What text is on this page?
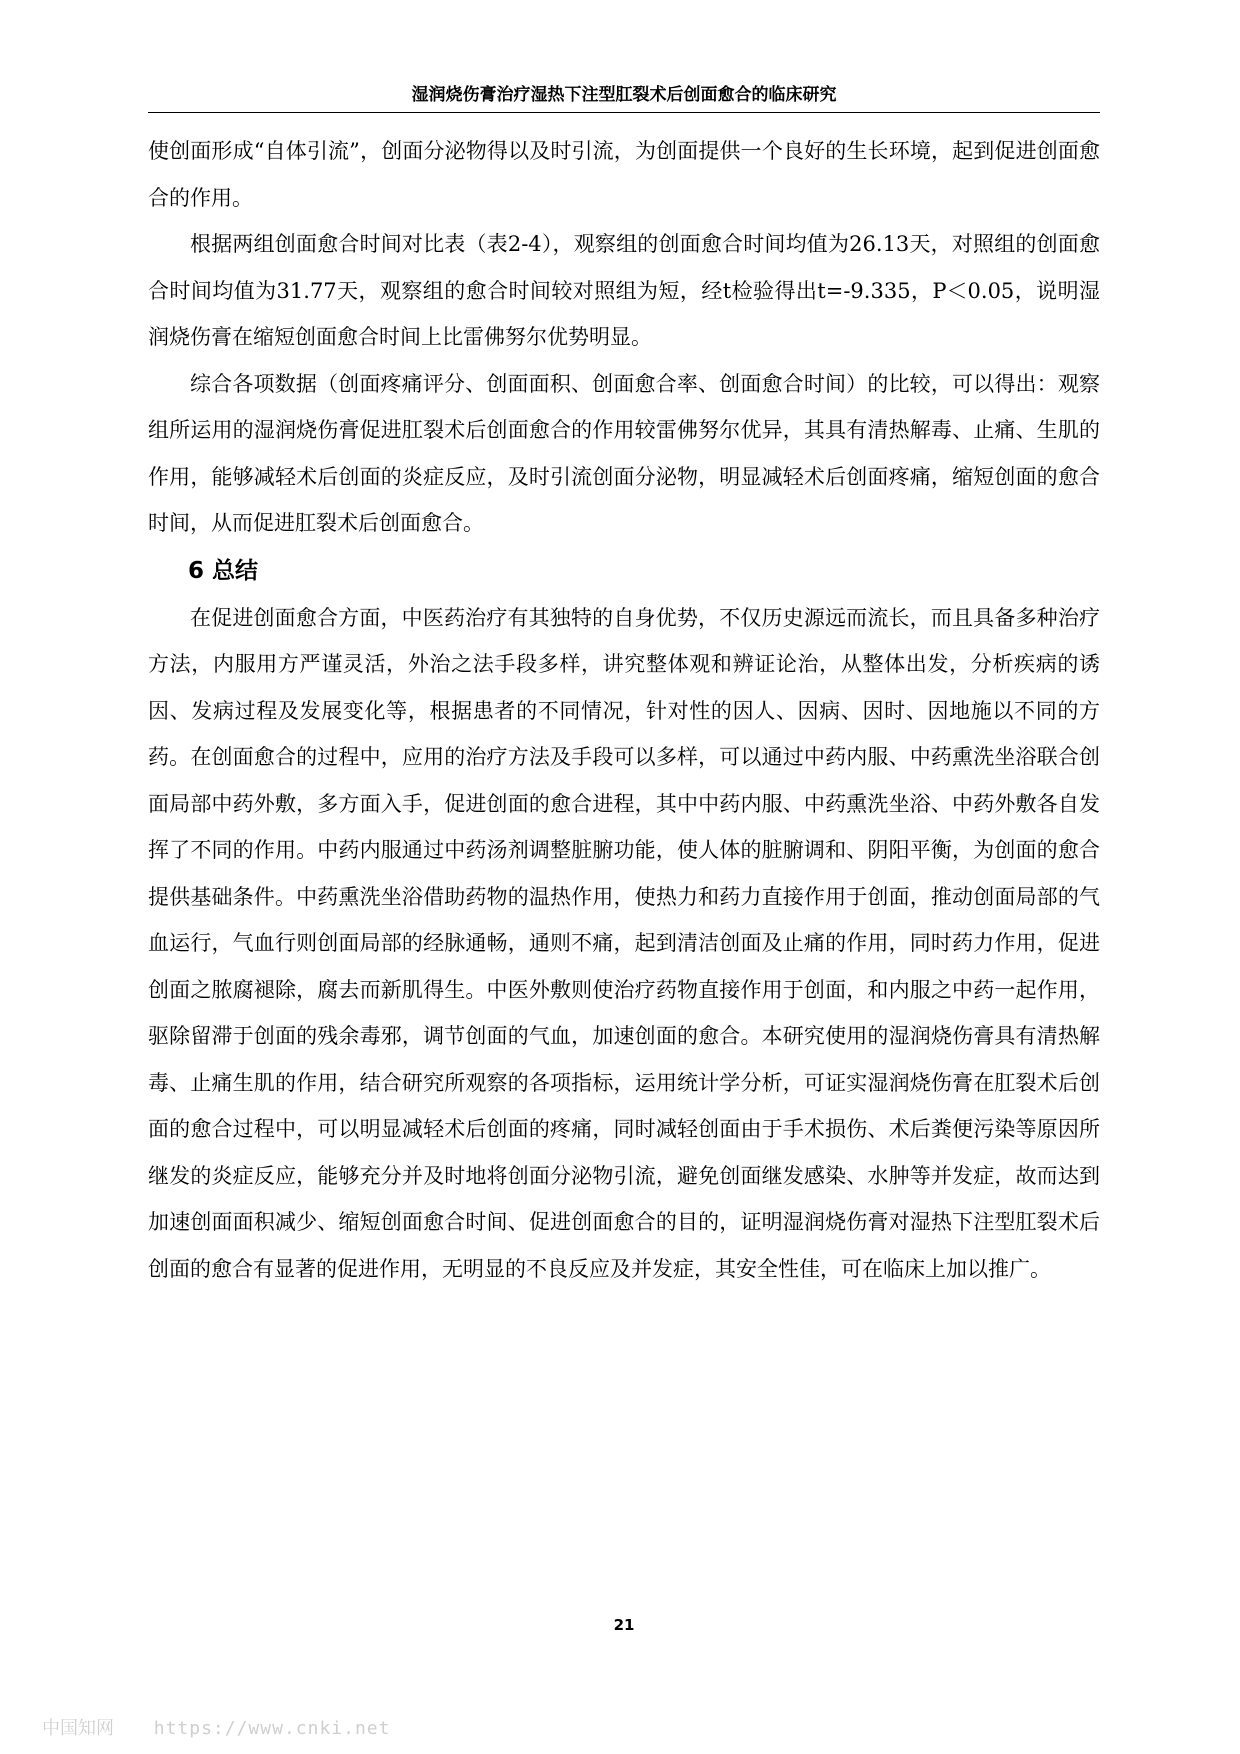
湿润烧伤膏治疗湿热下注型肛裂术后创面愈合的临床研究

使创面形成“自体引流”，创面分泌物得以及时引流，为创面提供一个良好的生长环境，起到促进创面愈合的作用。

根据两组创面愈合时间对比表（表2-4），观察组的创面愈合时间均值为26.13天，对照组的创面愈合时间均值为31.77天，观察组的愈合时间较对照组为短，经t检验得出t=-9.335，P＜0.05，说明湿润烧伤膏在缩短创面愈合时间上比雷佛努尔优势明显。

综合各项数据（创面疼痛评分、创面面积、创面愈合率、创面愈合时间）的比较，可以得出：观察组所运用的湿润烧伤膏促进肛裂术后创面愈合的作用较雷佛努尔优异，其具有清热解毒、止痛、生肌的作用，能够减轻术后创面的炎症反应，及时引流创面分泌物，明显减轻术后创面疼痛，缩短创面的愈合时间，从而促进肛裂术后创面愈合。

6 总结

在促进创面愈合方面，中医药治疗有其独特的自身优势，不仅历史源远而流长，而且具备多种治疗方法，内服用方严谨灵活，外治之法手段多样，讲究整体观和辨证论治，从整体出发，分析疾病的诱因、发病过程及发展变化等，根据患者的不同情况，针对性的因人、因病、因时、因地施以不同的方药。在创面愈合的过程中，应用的治疗方法及手段可以多样，可以通过中药内服、中药熏洗坐浴联合创面局部中药外敷，多方面入手，促进创面的愈合进程，其中中药内服、中药熏洗坐浴、中药外敷各自发挥了不同的作用。中药内服通过中药汤剂调整脏腑功能，使人体的脏腑调和、阴阳平衡，为创面的愈合提供基础条件。中药熏洗坐浴借助药物的温热作用，使热力和药力直接作用于创面，推动创面局部的气血运行，气血行则创面局部的经脉通畅，通则不痛，起到清洁创面及止痛的作用，同时药力作用，促进创面之脓腐褪除，腐去而新肌得生。中医外敷则使治疗药物直接作用于创面，和内服之中药一起作用，驱除留滞于创面的残余毒邪，调节创面的气血，加速创面的愈合。本研究使用的湿润烧伤膏具有清热解毒、止痛生肌的作用，结合研究所观察的各项指标，运用统计学分析，可证实湿润烧伤膏在肛裂术后创面的愈合过程中，可以明显减轻术后创面的疼痛，同时减轻创面由于手术损伤、术后粪便污染等原因所继发的炎症反应，能够充分并及时地将创面分泌物引流，避免创面继发感染、水肿等并发症，故而达到加速创面面积减少、缩短创面愈合时间、促进创面愈合的目的，证明湿润烧伤膏对湿热下注型肛裂术后创面的愈合有显著的促进作用，无明显的不良反应及并发症，其安全性佳，可在临床上加以推广。

21
中国知网 https://www.cnki.net
